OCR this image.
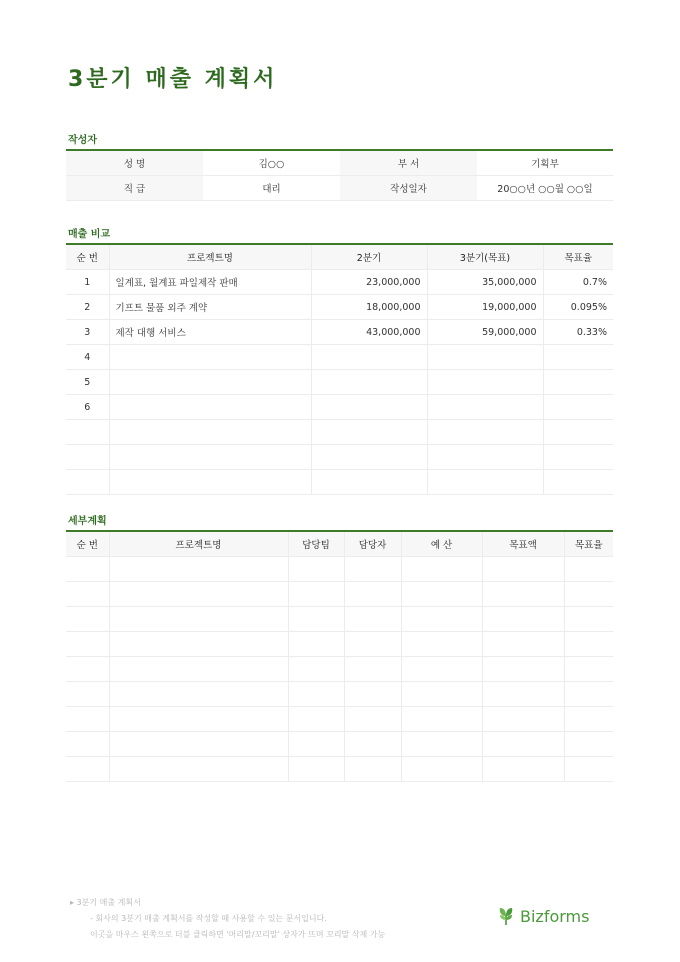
3분기 매출 계획서
작성자
성 명	김○○	부 서	기획부
직 급	대리	작성일자	20○○년 ○○월 ○○일
매출 비교
순 번	프로젝트명	2분기	3분기(목표)	목표율
1	일계표, 월계표 파일제작 판매	23,000,000	35,000,000	0.7%
2	기프트 물품 외주 계약	18,000,000	19,000,000	0.095%
3	제작 대행 서비스	43,000,000	59,000,000	0.33%
4				
5				
6				

세부계획
순 번	프로젝트명	담당팀	담당자	예 산	목표액	목표율

▸ 3분기 매출 계획서
- 회사의 3분기 매출 계획서를 작성할 때 사용할 수 있는 문서입니다.
이곳을 마우스 왼쪽으로 더블 클릭하면 '머리말/꼬리말' 상자가 뜨며 꼬리말 삭제 가능
Bizforms
